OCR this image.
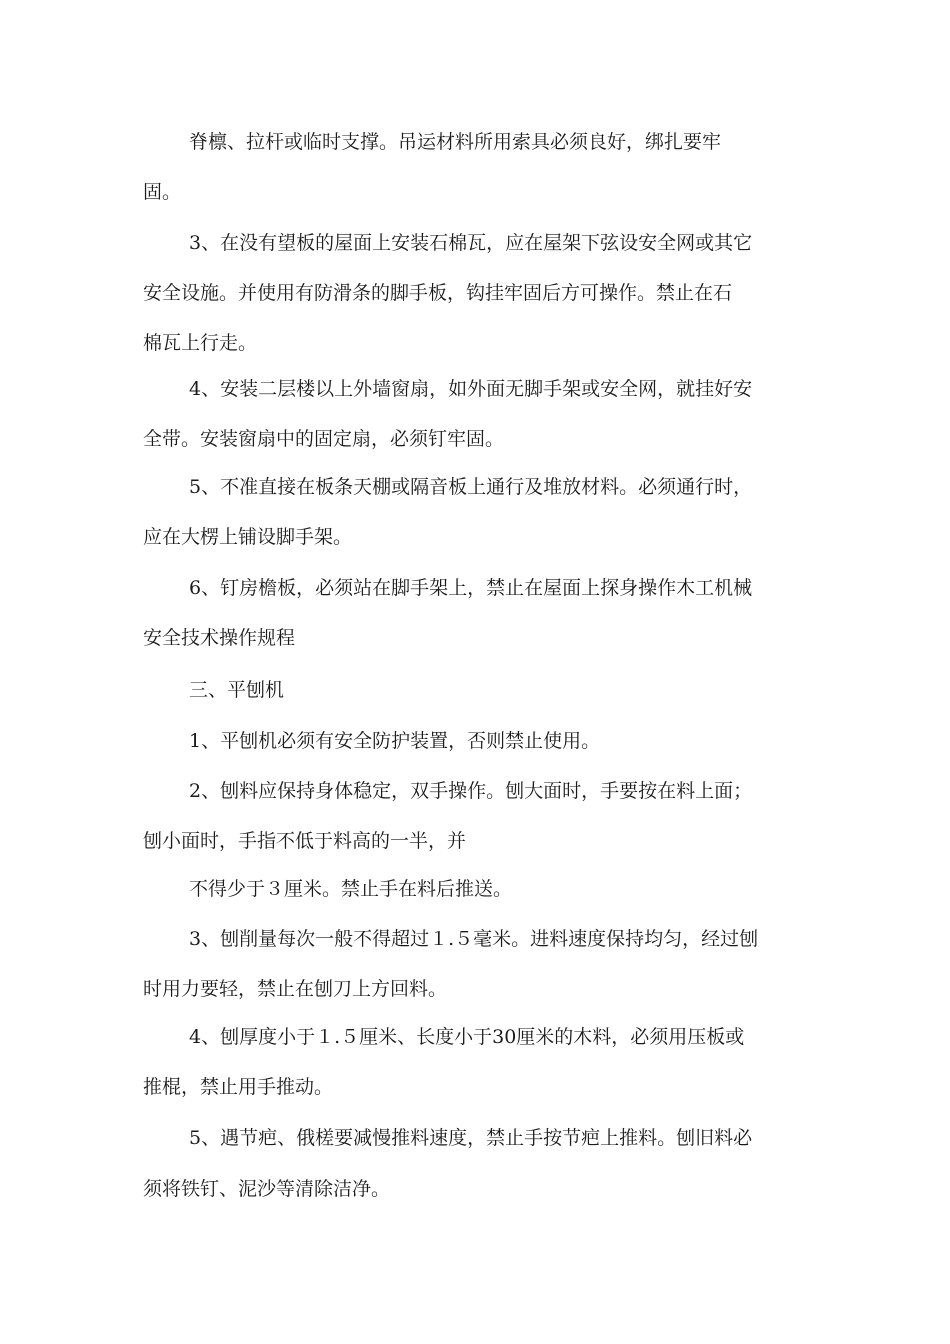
脊檩、拉杆或临时支撑。吊运材料所用索具必须良好，绑扎要牢
固。
3、在没有望板的屋面上安装石棉瓦，应在屋架下弦设安全网或其它
安全设施。并使用有防滑条的脚手板，钩挂牢固后方可操作。禁止在石
棉瓦上行走。
4、安装二层楼以上外墙窗扇，如外面无脚手架或安全网，就挂好安
全带。安装窗扇中的固定扇，必须钉牢固。
5、不准直接在板条天棚或隔音板上通行及堆放材料。必须通行时，
应在大楞上铺设脚手架。
6、钉房檐板，必须站在脚手架上，禁止在屋面上探身操作木工机械
安全技术操作规程
三、平刨机
1、平刨机必须有安全防护装置，否则禁止使用。
2、刨料应保持身体稳定，双手操作。刨大面时，手要按在料上面；
刨小面时，手指不低于料高的一半，并
不得少于３厘米。禁止手在料后推送。
3、刨削量每次一般不得超过１.５毫米。进料速度保持均匀，经过刨
时用力要轻，禁止在刨刀上方回料。
4、刨厚度小于１.５厘米、长度小于30厘米的木料，必须用压板或
推棍，禁止用手推动。
5、遇节疤、俄槎要减慢推料速度，禁止手按节疤上推料。刨旧料必
须将铁钉、泥沙等清除洁净。
